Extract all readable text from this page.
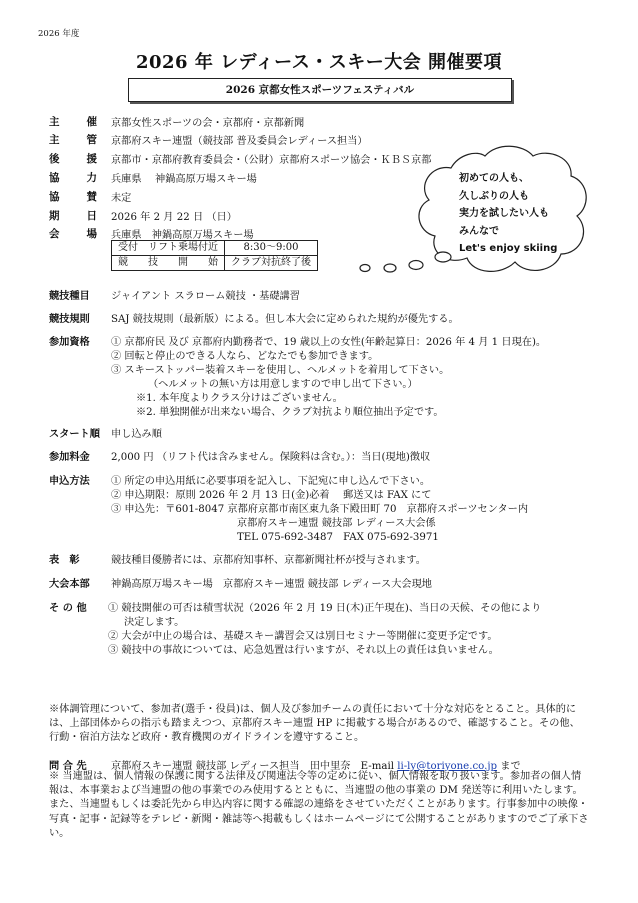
2026 年度
2026 年 レディース・スキー大会 開催要項
2026 京都女性スポーツフェスティバル
主	催 京都女性スポーツの会・京都府・京都新聞
主	管 京都府スキー連盟（競技部 普及委員会レディース担当）
後	援 京都市・京都府教育委員会・（公財）京都府スポーツ協会・ＫＢＳ京都
協	力 兵庫県　 神鍋高原万場スキー場
協	賛 未定
期	日 2026 年 2 月 22 日 （日）
会	場 兵庫県　神鍋高原万場スキー場
受付　リフト乗場付近	8:30～9:00
競　　技　　開　　始	クラブ対抗終了後
初めての人も、
久しぶりの人も
実力を試したい人も
みんなで
Let's enjoy skiing
競技種目 ジャイアント スラローム競技 ・基礎講習
競技規則 SAJ 競技規則（最新版）による。但し本大会に定められた規約が優先する。
参加資格 ① 京都府民 及び 京都府内勤務者で、19 歳以上の女性(年齢起算日：2026 年 4 月 1 日現在)。
② 回転と停止のできる人なら、どなたでも参加できます。
③ スキーストッパー装着スキーを使用し、ヘルメットを着用して下さい。
（ヘルメットの無い方は用意しますので申し出て下さい。）
※1. 本年度よりクラス分けはございません。
※2. 単独開催が出来ない場合、クラブ対抗より順位抽出予定です。
スタート順 申し込み順
参加料金 2,000 円 （リフト代は含みません。保険料は含む。）：当日(現地)徴収
申込方法 ① 所定の申込用紙に必要事項を記入し、下記宛に申し込んで下さい。
② 申込期限：原則 2026 年 2 月 13 日(金)必着　 郵送又は FAX にて
③ 申込先：〒601-8047 京都府京都市南区東九条下殿田町 70　京都府スポーツセンター内
京都府スキー連盟 競技部 レディース大会係
TEL 075-692-3487　FAX 075-692-3971
表　彰	競技種目優勝者には、京都府知事杯、京都新聞社杯が授与されます。
大会本部 神鍋高原万場スキー場　京都府スキー連盟 競技部 レディース大会現地
そ の 他 ① 競技開催の可否は積雪状況（2026 年 2 月 19 日(木)正午現在)、当日の天候、その他により
決定します。
② 大会が中止の場合は、基礎スキー講習会又は別日セミナー等開催に変更予定です。
③ 競技中の事故については、応急処置は行いますが、それ以上の責任は負いません。
※体調管理について、参加者(選手・役員)は、個人及び参加チームの責任において十分な対応をとること。具体的には、上部団体からの指示も踏まえつつ、京都府スキー連盟 HP に掲載する場合があるので、確認すること。その他、行動・宿泊方法など政府・教育機関のガイドラインを遵守すること。
問 合 先 京都府スキー連盟 競技部 レディース担当　田中里奈　E-mail li-ly@toriyone.co.jp まで
※ 当連盟は、個人情報の保護に関する法律及び関連法令等の定めに従い、個人情報を取り扱います。参加者の個人情報は、本事業および当連盟の他の事業でのみ使用するとともに、当連盟の他の事業の DM 発送等に利用いたします。また、当連盟もしくは委託先から申込内容に関する確認の連絡をさせていただくことがあります。行事参加中の映像・写真・記事・記録等をテレビ・新聞・雑誌等へ掲載もしくはホームページにて公開することがありますのでご了承下さい。
